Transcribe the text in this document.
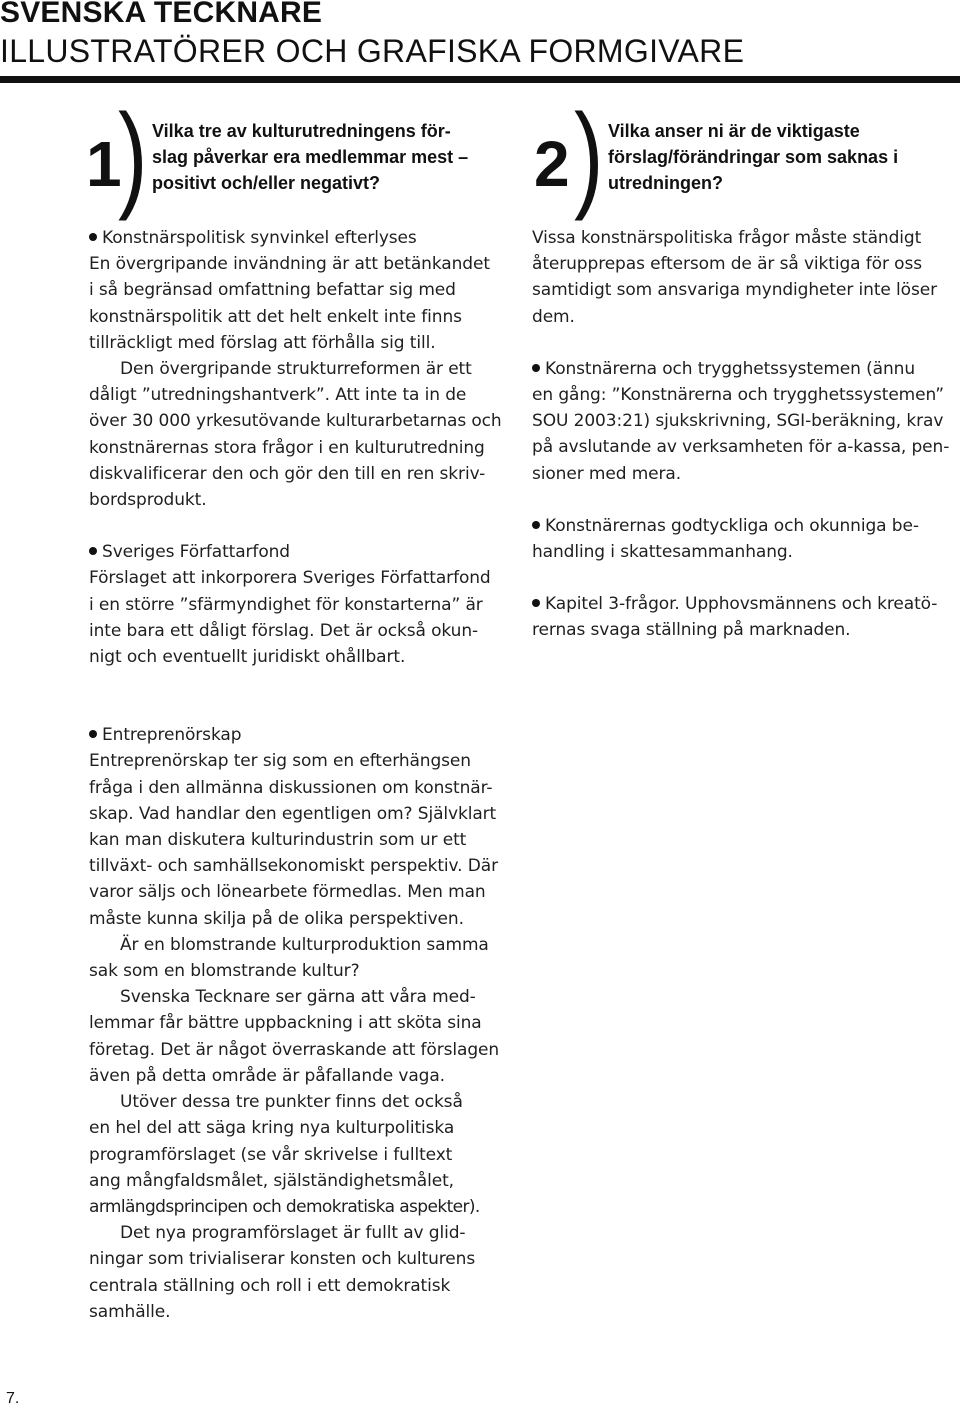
SVENSKA TECKNARE
ILLUSTRATÖRER OCH GRAFISKA FORMGIVARE
1
) Vilka tre av kulturutredningens för-
slag påverkar era medlemmar mest –
positivt och/eller negativt?	2 ) Vilka anser ni är de viktigaste
förslag/förändringar som saknas i
utredningen?

Konstnärspolitisk synvinkel efterlyses

En övergripande invändning är att betänkandet

i så begränsad omfattning befattar sig med

konstnärspolitik att det helt enkelt inte finns

tillräckligt med förslag att förhålla sig till.

Den övergripande strukturreformen är ett

dåligt ”utredningshantverk”. Att inte ta in de

över 30 000 yrkesutövande kulturarbetarnas och

konstnärernas stora frågor i en kulturutredning

diskvalificerar den och gör den till en ren skriv-

bordsprodukt.

Sveriges Författarfond

Förslaget att inkorporera Sveriges Författarfond

i en större ”sfärmyndighet för konstarterna” är

inte bara ett dåligt förslag. Det är också okun-

nigt och eventuellt juridiskt ohållbart.

Entreprenörskap

Entreprenörskap ter sig som en efterhängsen

fråga i den allmänna diskussionen om konstnär-

skap. Vad handlar den egentligen om? Självklart

kan man diskutera kulturindustrin som ur ett

tillväxt- och samhällsekonomiskt perspektiv. Där

varor säljs och lönearbete förmedlas. Men man

måste kunna skilja på de olika perspektiven.

Är en blomstrande kulturproduktion samma

sak som en blomstrande kultur?

Svenska Tecknare ser gärna att våra med-

lemmar får bättre uppbackning i att sköta sina

företag. Det är något överraskande att förslagen

även på detta område är påfallande vaga.

Utöver dessa tre punkter finns det också

en hel del att säga kring nya kulturpolitiska

programförslaget (se vår skrivelse i fulltext

ang mångfaldsmålet, själständighetsmålet,

armlängdsprincipen och demokratiska aspekter).

Det nya programförslaget är fullt av glid-

ningar som trivialiserar konsten och kulturens

centrala ställning och roll i ett demokratisk

samhälle.

Vissa konstnärspolitiska frågor måste ständigt

återupprepas eftersom de är så viktiga för oss

samtidigt som ansvariga myndigheter inte löser

dem.

Konstnärerna och trygghetssystemen (ännu

en gång: ”Konstnärerna och trygghetssystemen”

SOU 2003:21) sjukskrivning, SGI-beräkning, krav

på avslutande av verksamheten för a-kassa, pen-

sioner med mera.

Konstnärernas godtyckliga och okunniga be-

handling i skattesammanhang.

Kapitel 3-frågor. Upphovsmännens och kreatö-

rernas svaga ställning på marknaden.

7.
